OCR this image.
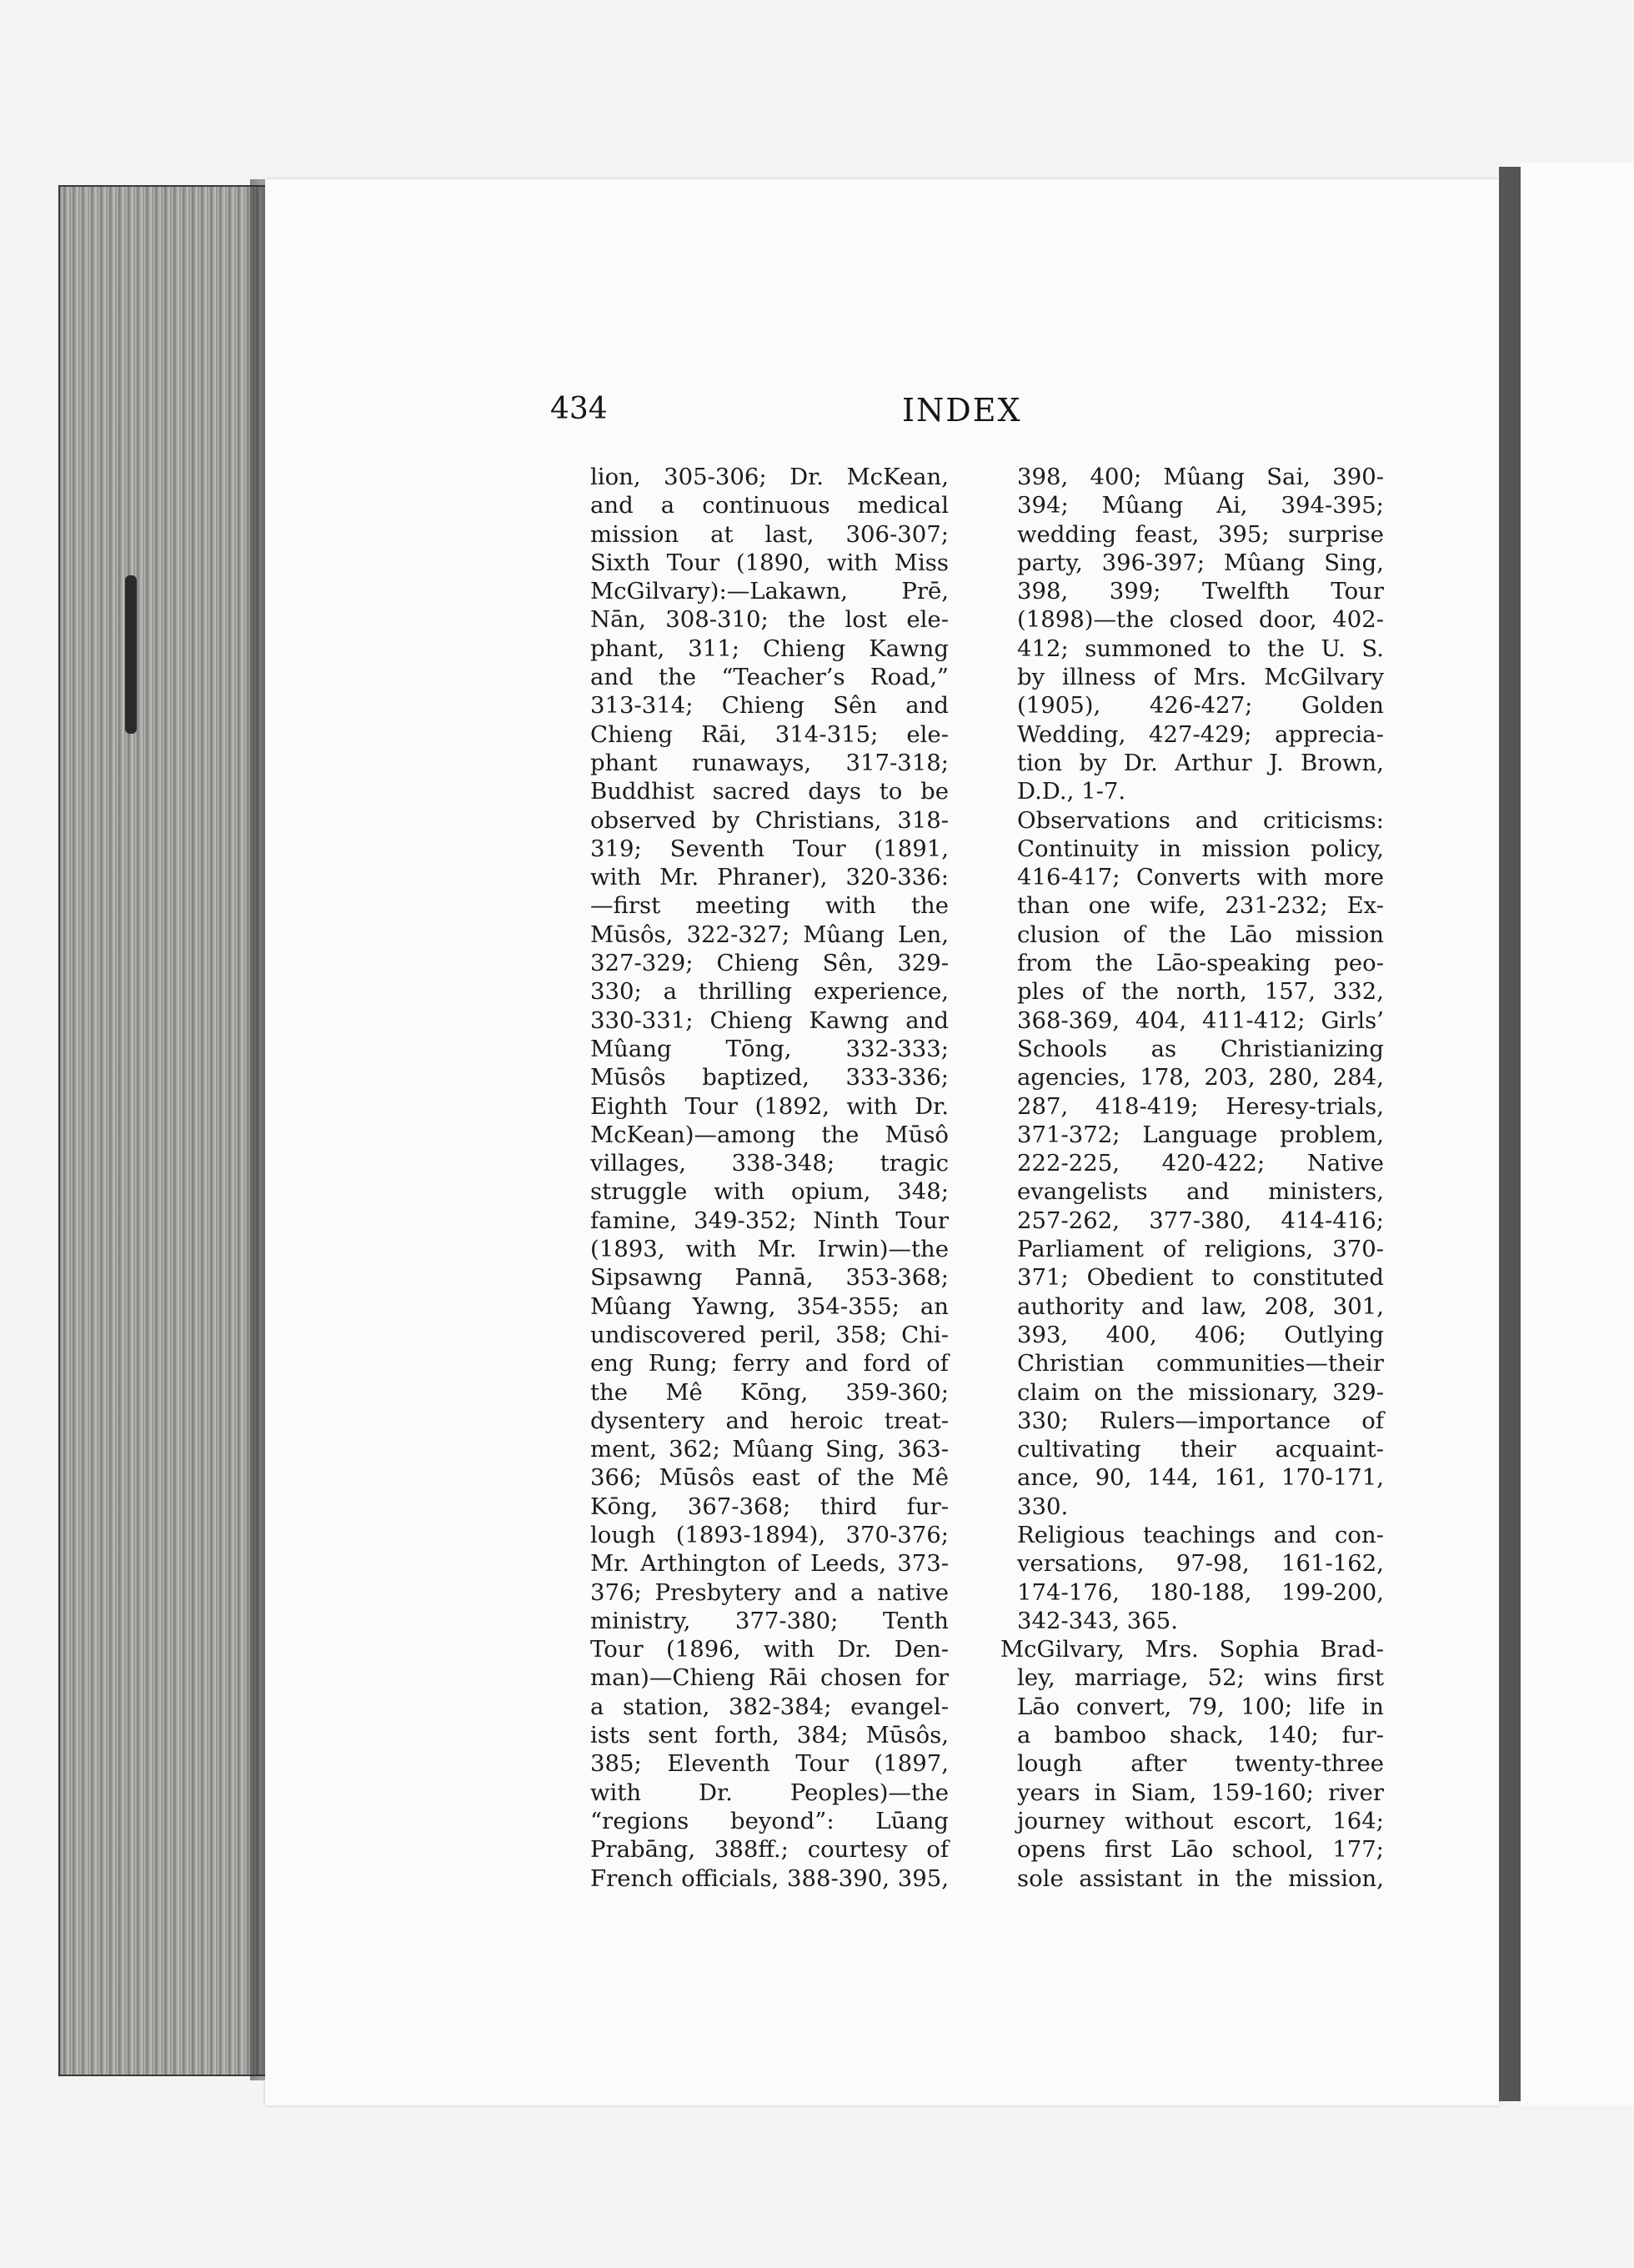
434	INDEX
lion, 305-306; Dr. McKean,
and a continuous medical
mission at last, 306-307;
Sixth Tour (1890, with Miss
McGilvary):—Lakawn, Prē,
Nān, 308-310; the lost ele-
phant, 311; Chieng Kawng
and the “Teacher’s Road,”
313-314; Chieng Sên and
Chieng Rāi, 314-315; ele-
phant runaways, 317-318;
Buddhist sacred days to be
observed by Christians, 318-
319; Seventh Tour (1891,
with Mr. Phraner), 320-336:
—first meeting with the
Mūsôs, 322-327; Mûang Len,
327-329; Chieng Sên, 329-
330; a thrilling experience,
330-331; Chieng Kawng and
Mûang Tōng, 332-333;
Mūsôs baptized, 333-336;
Eighth Tour (1892, with Dr.
McKean)—among the Mūsô
villages, 338-348; tragic
struggle with opium, 348;
famine, 349-352; Ninth Tour
(1893, with Mr. Irwin)—the
Sipsawng Pannā, 353-368;
Mûang Yawng, 354-355; an
undiscovered peril, 358; Chi-
eng Rung; ferry and ford of
the Mê Kōng, 359-360;
dysentery and heroic treat-
ment, 362; Mûang Sing, 363-
366; Mūsôs east of the Mê
Kōng, 367-368; third fur-
lough (1893-1894), 370-376;
Mr. Arthington of Leeds, 373-
376; Presbytery and a native
ministry, 377-380; Tenth
Tour (1896, with Dr. Den-
man)—Chieng Rāi chosen for
a station, 382-384; evangel-
ists sent forth, 384; Mūsôs,
385; Eleventh Tour (1897,
with Dr. Peoples)—the
“regions beyond”: Lūang
Prabāng, 388ff.; courtesy of
French officials, 388-390, 395,
398, 400; Mûang Sai, 390-
394; Mûang Ai, 394-395;
wedding feast, 395; surprise
party, 396-397; Mûang Sing,
398, 399; Twelfth Tour
(1898)—the closed door, 402-
412; summoned to the U. S.
by illness of Mrs. McGilvary
(1905), 426-427; Golden
Wedding, 427-429; apprecia-
tion by Dr. Arthur J. Brown,
D.D., 1-7.
Observations and criticisms:
Continuity in mission policy,
416-417; Converts with more
than one wife, 231-232; Ex-
clusion of the Lāo mission
from the Lāo-speaking peo-
ples of the north, 157, 332,
368-369, 404, 411-412; Girls’
Schools as Christianizing
agencies, 178, 203, 280, 284,
287, 418-419; Heresy-trials,
371-372; Language problem,
222-225, 420-422; Native
evangelists and ministers,
257-262, 377-380, 414-416;
Parliament of religions, 370-
371; Obedient to constituted
authority and law, 208, 301,
393, 400, 406; Outlying
Christian communities—their
claim on the missionary, 329-
330; Rulers—importance of
cultivating their acquaint-
ance, 90, 144, 161, 170-171,
330.
Religious teachings and con-
versations, 97-98, 161-162,
174-176, 180-188, 199-200,
342-343, 365.
McGilvary, Mrs. Sophia Brad-
ley, marriage, 52; wins first
Lāo convert, 79, 100; life in
a bamboo shack, 140; fur-
lough after twenty-three
years in Siam, 159-160; river
journey without escort, 164;
opens first Lāo school, 177;
sole assistant in the mission,
